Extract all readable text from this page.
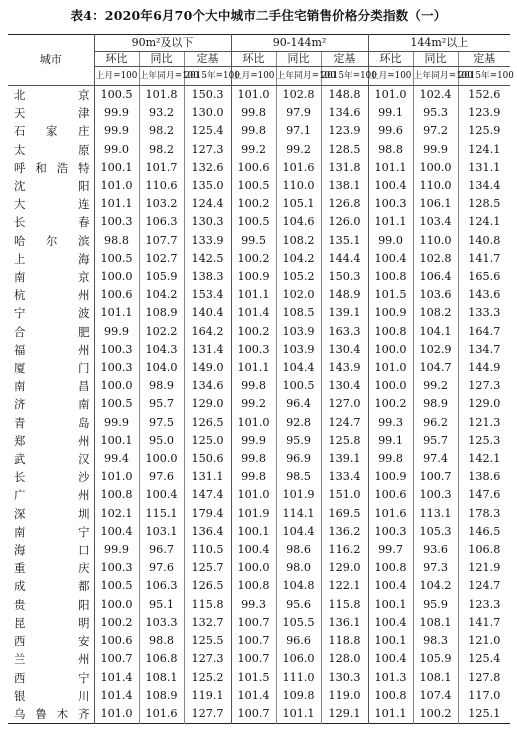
表4：2020年6月70个大中城市二手住宅销售价格分类指数（一）
城市	90m²及以下			90-144m²			144m²以上		
	环比	同比	定基	环比	同比	定基	环比	同比	定基
	上月=100	上年同月=100	2015年=100	上月=100	上年同月=100	2015年=100	上月=100	上年同月=100	2015年=100
北京	100.5	101.8	150.3	101.0	102.8	148.8	101.0	102.4	152.6
天津	99.9	93.2	130.0	99.8	97.9	134.6	99.1	95.3	123.9
石家庄	99.9	98.2	125.4	99.8	97.1	123.9	99.6	97.2	125.9
太原	99.0	98.2	127.3	99.2	99.2	128.5	98.8	99.9	124.1
呼和浩特	100.1	101.7	132.6	100.6	101.6	131.8	101.1	100.0	131.1
沈阳	101.0	110.6	135.0	100.5	110.0	138.1	100.4	110.0	134.4
大连	101.1	103.2	124.4	100.2	105.1	126.8	100.3	106.1	128.5
长春	100.3	106.3	130.3	100.5	104.6	126.0	101.1	103.4	124.1
哈尔滨	98.8	107.7	133.9	99.5	108.2	135.1	99.0	110.0	140.8
上海	100.5	102.7	142.5	100.2	104.2	144.4	100.4	102.8	141.7
南京	100.0	105.9	138.3	100.9	105.2	150.3	100.8	106.4	165.6
杭州	100.6	104.2	153.4	101.1	102.0	148.9	101.5	103.6	143.6
宁波	101.1	108.9	140.4	101.4	108.5	139.1	100.9	108.2	133.3
合肥	99.9	102.2	164.2	100.2	103.9	163.3	100.8	104.1	164.7
福州	100.3	104.3	131.4	100.3	103.9	130.4	100.0	102.9	134.7
厦门	100.3	104.0	149.0	101.1	104.4	143.9	101.0	104.7	144.9
南昌	100.0	98.9	134.6	99.8	100.5	130.4	100.0	99.2	127.3
济南	100.5	95.7	129.0	99.2	96.4	127.0	100.2	98.9	129.0
青岛	99.9	97.5	126.5	101.0	92.8	124.7	99.3	96.2	121.3
郑州	100.1	95.0	125.0	99.9	95.9	125.8	99.1	95.7	125.3
武汉	99.4	100.0	150.6	99.8	96.9	139.1	99.8	97.4	142.1
长沙	101.0	97.6	131.1	99.8	98.5	133.4	100.9	100.7	138.6
广州	100.8	100.4	147.4	101.0	101.9	151.0	100.6	100.3	147.6
深圳	102.1	115.1	179.4	101.9	114.1	169.5	101.6	113.1	178.3
南宁	100.4	103.1	136.4	100.1	104.4	136.2	100.3	105.3	146.5
海口	99.9	96.7	110.5	100.4	98.6	116.2	99.7	93.6	106.8
重庆	100.3	97.6	125.7	100.0	98.0	129.0	100.8	97.3	121.9
成都	100.5	106.3	126.5	100.8	104.8	122.1	100.4	104.2	124.7
贵阳	100.0	95.1	115.8	99.3	95.6	115.8	100.1	95.9	123.3
昆明	100.2	103.3	132.7	100.7	105.5	136.1	100.4	108.1	141.7
西安	100.6	98.8	125.5	100.7	96.6	118.8	100.1	98.3	121.0
兰州	100.7	106.8	127.3	100.7	106.0	128.0	100.4	105.9	125.4
西宁	101.4	108.1	125.2	101.5	111.0	130.3	101.3	108.1	127.8
银川	101.4	108.9	119.1	101.4	109.8	119.0	100.8	107.4	117.0
乌鲁木齐	101.0	101.6	127.7	100.7	101.1	129.1	101.1	100.2	125.1
